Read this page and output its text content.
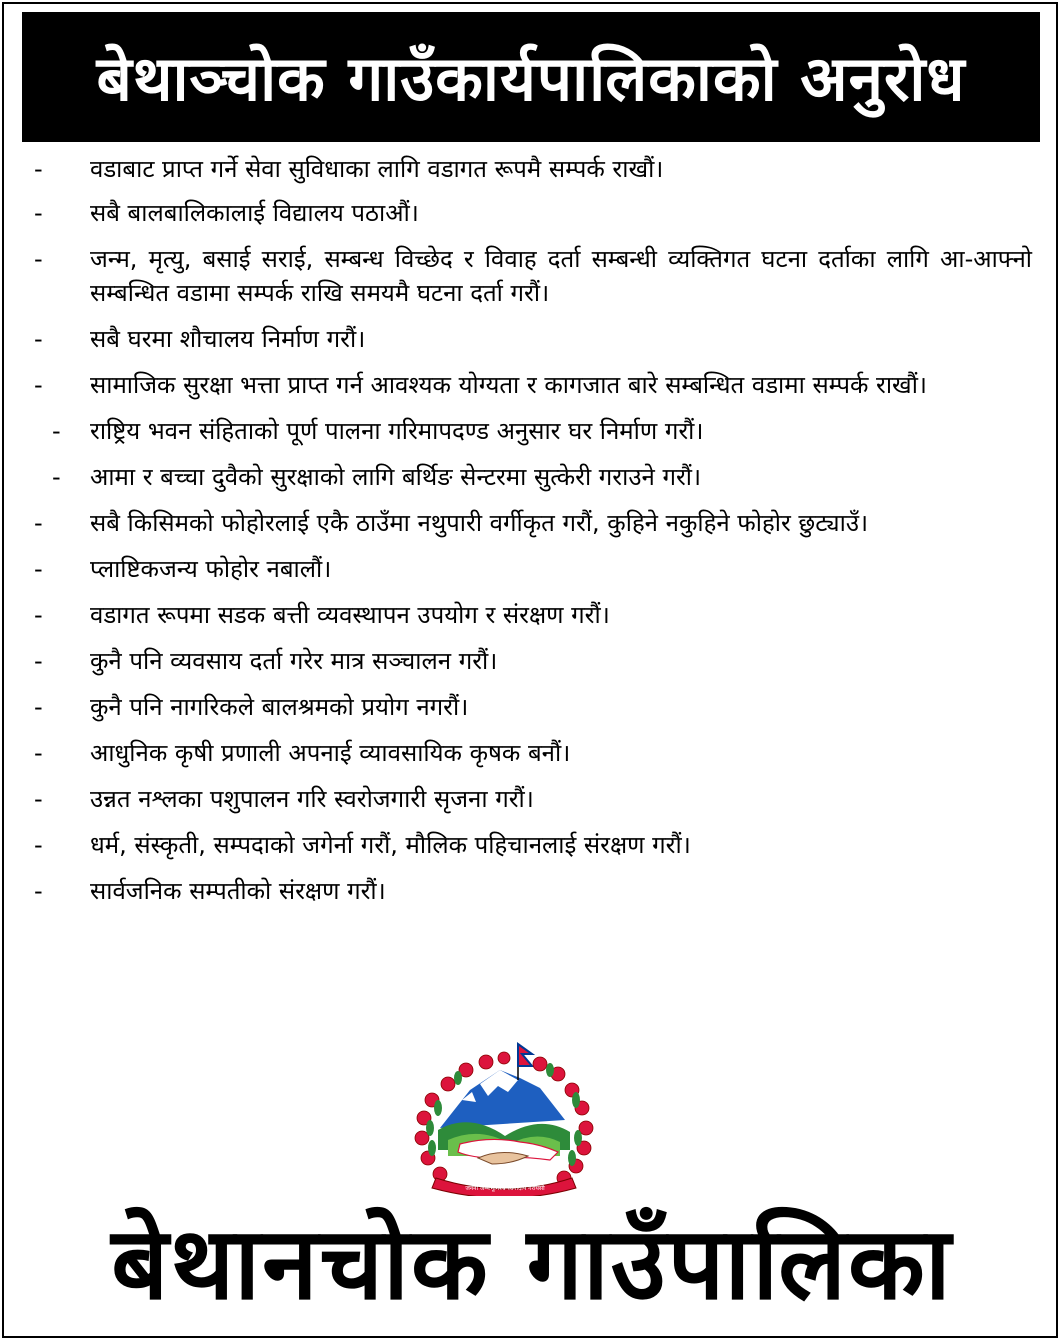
बेथाञ्चोक गाउँकार्यपालिकाको अनुरोध
- वडाबाट प्राप्त गर्ने सेवा सुविधाका लागि वडागत रूपमै सम्पर्क राखौं।
- सबै बालबालिकालाई विद्यालय पठाऔं।
- जन्म, मृत्यु, बसाई सराई, सम्बन्ध विच्छेद र विवाह दर्ता सम्बन्धी व्यक्तिगत घटना दर्ताका लागि आ-आफ्नो सम्बन्धित वडामा सम्पर्क राखि समयमै घटना दर्ता गरौं।
- सबै घरमा शौचालय निर्माण गरौं।
- सामाजिक सुरक्षा भत्ता प्राप्त गर्न आवश्यक योग्यता र कागजात बारे सम्बन्धित वडामा सम्पर्क राखौं।
- राष्ट्रिय भवन संहिताको पूर्ण पालना गरिमापदण्ड अनुसार घर निर्माण गरौं।
- आमा र बच्चा दुवैको सुरक्षाको लागि बर्थिङ सेन्टरमा सुत्केरी गराउने गरौं।
- सबै किसिमको फोहोरलाई एकै ठाउँमा नथुपारी वर्गीकृत गरौं, कुहिने नकुहिने फोहोर छुट्याउँ।
- प्लाष्टिकजन्य फोहोर नबालौं।
- वडागत रूपमा सडक बत्ती व्यवस्थापन उपयोग र संरक्षण गरौं।
- कुनै पनि व्यवसाय दर्ता गरेर मात्र सञ्चालन गरौं।
- कुनै पनि नागरिकले बालश्रमको प्रयोग नगरौं।
- आधुनिक कृषी प्रणाली अपनाई व्यावसायिक कृषक बनौं।
- उन्नत नश्लका पशुपालन गरि स्वरोजगारी सृजना गरौं।
- धर्म, संस्कृती, सम्पदाको जगेर्ना गरौं, मौलिक पहिचानलाई संरक्षण गरौं।
- सार्वजनिक सम्पतीको संरक्षण गरौं।
जननी जन्मभूमिश्च स्वर्गादपि गरीयसी
बेथानचोक गाउँपालिका
